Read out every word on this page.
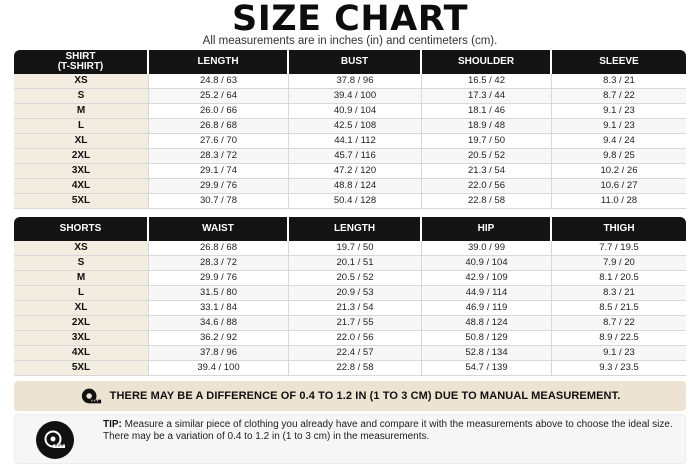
SIZE CHART
All measurements are in inches (in) and centimeters (cm).
SHIRT
(T-SHIRT)	LENGTH	BUST	SHOULDER	SLEEVE
XS	24.8 / 63	37.8 / 96	16.5 / 42	8.3 / 21
S	25.2 / 64	39.4 / 100	17.3 / 44	8.7 / 22
M	26.0 / 66	40.9 / 104	18.1 / 46	9.1 / 23
L	26.8 / 68	42.5 / 108	18.9 / 48	9.1 / 23
XL	27.6 / 70	44.1 / 112	19.7 / 50	9.4 / 24
2XL	28.3 / 72	45.7 / 116	20.5 / 52	9.8 / 25
3XL	29.1 / 74	47.2 / 120	21.3 / 54	10.2 / 26
4XL	29.9 / 76	48.8 / 124	22.0 / 56	10.6 / 27
5XL	30.7 / 78	50.4 / 128	22.8 / 58	11.0 / 28
SHORTS	WAIST	LENGTH	HIP	THIGH
XS	26.8 / 68	19.7 / 50	39.0 / 99	7.7 / 19.5
S	28.3 / 72	20.1 / 51	40.9 / 104	7.9 / 20
M	29.9 / 76	20.5 / 52	42.9 / 109	8.1 / 20.5
L	31.5 / 80	20.9 / 53	44.9 / 114	8.3 / 21
XL	33.1 / 84	21.3 / 54	46.9 / 119	8.5 / 21.5
2XL	34.6 / 88	21.7 / 55	48.8 / 124	8.7 / 22
3XL	36.2 / 92	22.0 / 56	50.8 / 129	8.9 / 22.5
4XL	37.8 / 96	22.4 / 57	52.8 / 134	9.1 / 23
5XL	39.4 / 100	22.8 / 58	54.7 / 139	9.3 / 23.5
THERE MAY BE A DIFFERENCE OF 0.4 TO 1.2 IN (1 TO 3 CM) DUE TO MANUAL MEASUREMENT.
TIP: Measure a similar piece of clothing you already have and compare it with the measurements above to choose the ideal size.
There may be a variation of 0.4 to 1.2 in (1 to 3 cm) in the measurements.
